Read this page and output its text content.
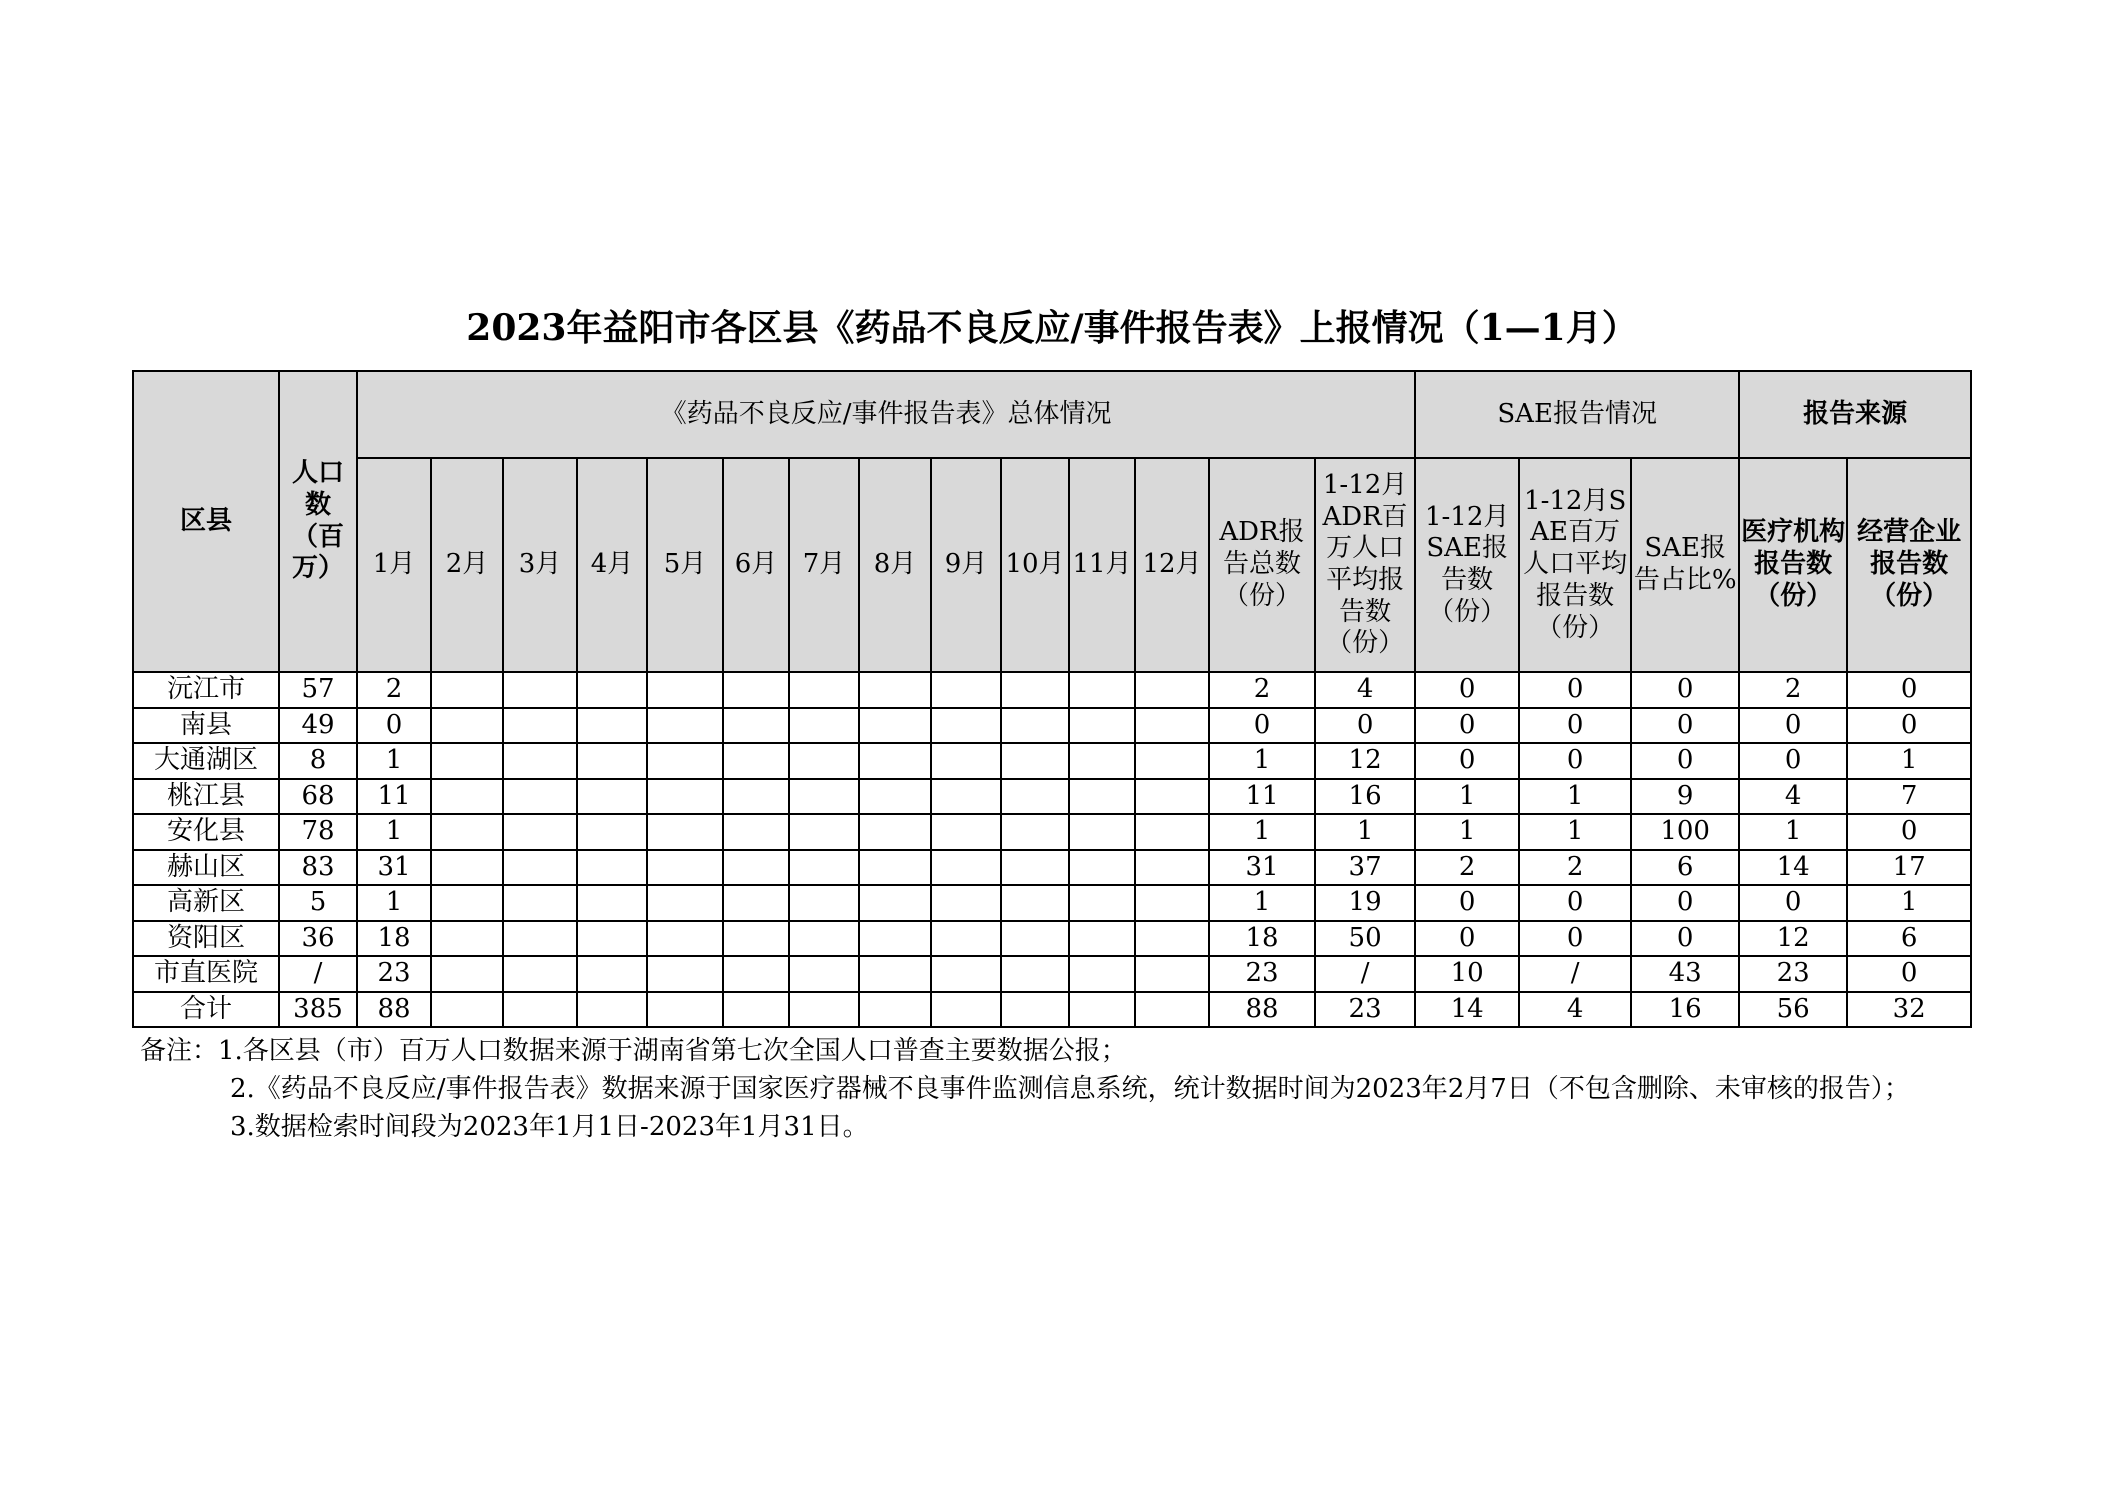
2023年益阳市各区县《药品不良反应/事件报告表》上报情况（1—1月）
区县	人口数（百万）	《药品不良反应/事件报告表》总体情况														SAE报告情况			报告来源	
		1月	2月	3月	4月	5月	6月	7月	8月	9月	10月	11月	12月	ADR报告总数（份）	1-12月ADR百万人口平均报告数（份）	1-12月SAE报告数（份）	1-12月SAE百万人口平均报告数（份）	SAE报告占比%	医疗机构报告数（份）	经营企业报告数（份）
沅江市	57	2												2	4	0	0	0	2	0
南县	49	0												0	0	0	0	0	0	0
大通湖区	8	1												1	12	0	0	0	0	1
桃江县	68	11												11	16	1	1	9	4	7
安化县	78	1												1	1	1	1	100	1	0
赫山区	83	31												31	37	2	2	6	14	17
高新区	5	1												1	19	0	0	0	0	1
资阳区	36	18												18	50	0	0	0	12	6
市直医院	/	23												23	/	10	/	43	23	0
合计	385	88												88	23	14	4	16	56	32

备注：1.各区县（市）百万人口数据来源于湖南省第七次全国人口普查主要数据公报；

2.《药品不良反应/事件报告表》数据来源于国家医疗器械不良事件监测信息系统，统计数据时间为2023年2月7日（不包含删除、未审核的报告）；

3.数据检索时间段为2023年1月1日-2023年1月31日。
